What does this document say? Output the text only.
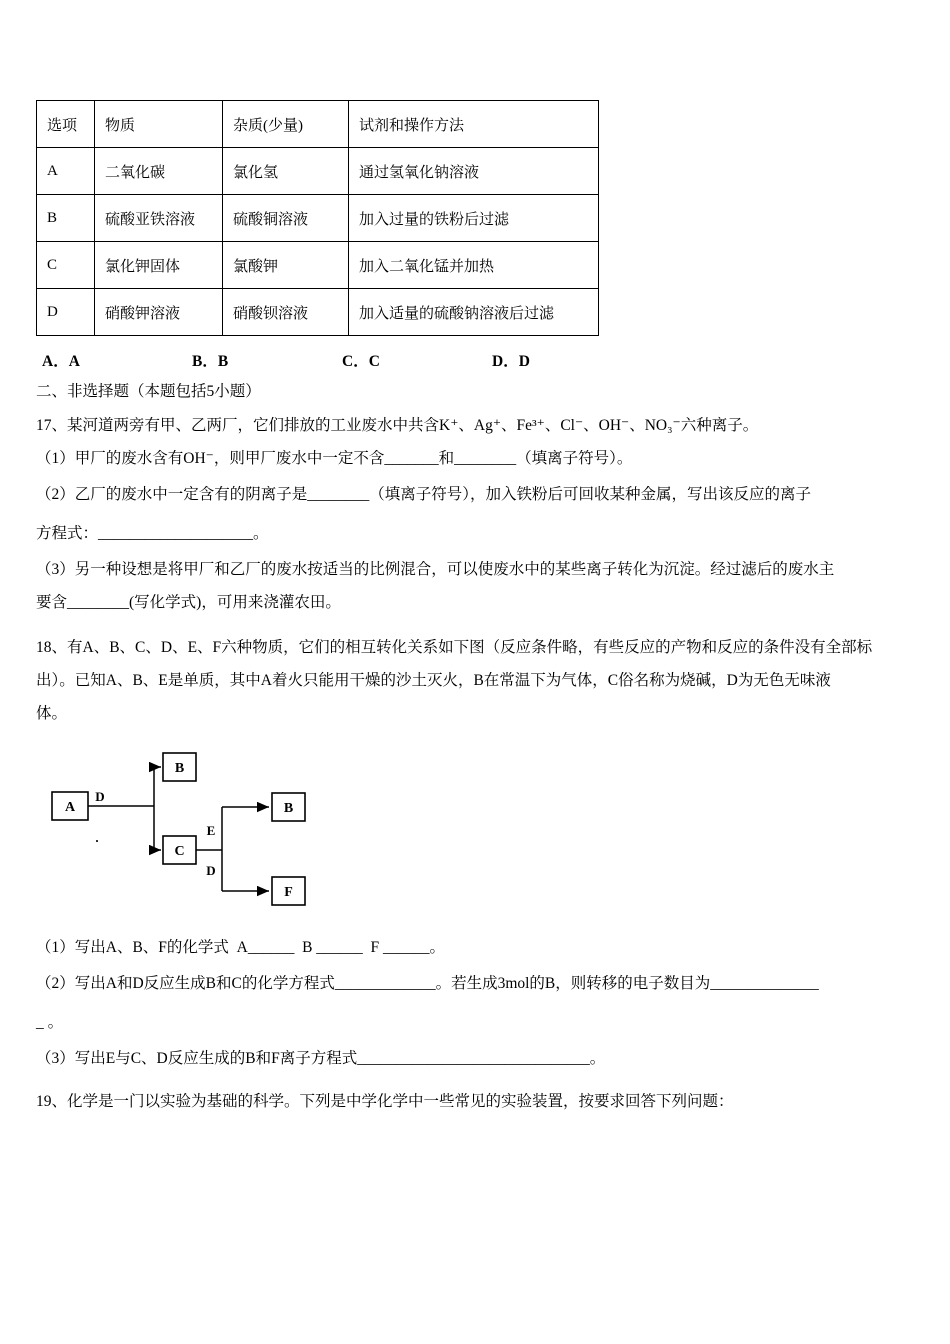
选项	物质	杂质(少量)	试剂和操作方法
A	二氧化碳	氯化氢	通过氢氧化钠溶液
B	硫酸亚铁溶液	硫酸铜溶液	加入过量的铁粉后过滤
C	氯化钾固体	氯酸钾	加入二氧化锰并加热
D	硝酸钾溶液	硝酸钡溶液	加入适量的硫酸钠溶液后过滤
A．A	B．B	C．C	D．D
二、非选择题（本题包括5小题）
17、某河道两旁有甲、乙两厂，它们排放的工业废水中共含K⁺、Ag⁺、Fe³⁺、Cl⁻、OH⁻、NO₃⁻六种离子。
（1）甲厂的废水含有OH⁻，则甲厂废水中一定不含_______和________（填离子符号）。
（2）乙厂的废水中一定含有的阴离子是________（填离子符号），加入铁粉后可回收某种金属，写出该反应的离子
方程式：____________________。
（3）另一种设想是将甲厂和乙厂的废水按适当的比例混合，可以使废水中的某些离子转化为沉淀。经过滤后的废水主
要含________(写化学式)，可用来浇灌农田。
18、有A、B、C、D、E、F六种物质，它们的相互转化关系如下图（反应条件略，有些反应的产物和反应的条件没有全部标
出）。已知A、B、E是单质，其中A着火只能用干燥的沙土灭火，B在常温下为气体，C俗名称为烧碱，D为无色无味液
体。
A
B
C
B
F
D
E
D
.
（1）写出A、B、F的化学式  A______  B ______  F ______。
（2）写出A和D反应生成B和C的化学方程式_____________。若生成3mol的B，则转移的电子数目为______________
_ 。
（3）写出E与C、D反应生成的B和F离子方程式______________________________。
19、化学是一门以实验为基础的科学。下列是中学化学中一些常见的实验装置，按要求回答下列问题：
